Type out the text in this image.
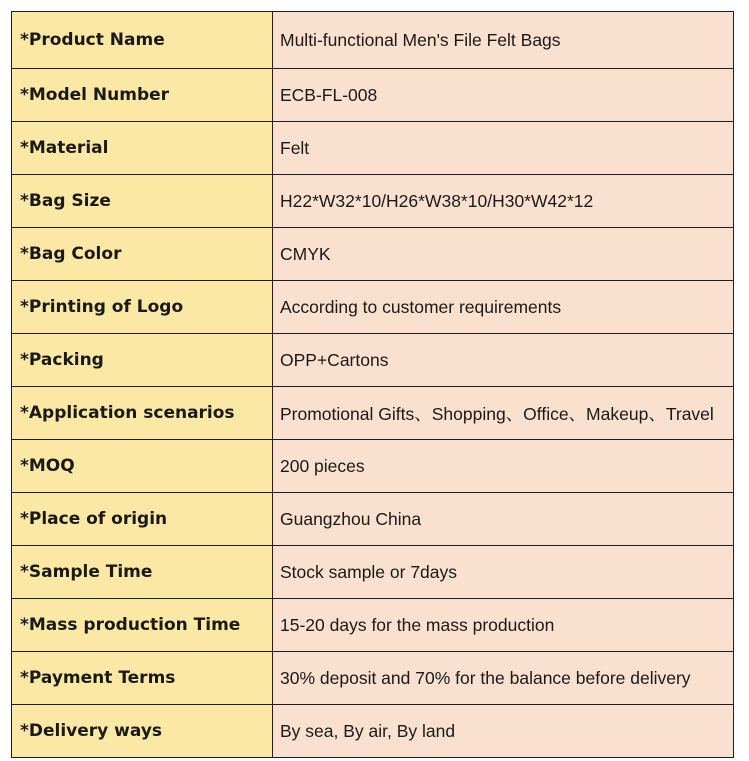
*Product Name	Multi-functional Men's File Felt Bags
*Model Number	ECB-FL-008
*Material	Felt
*Bag Size	H22*W32*10/H26*W38*10/H30*W42*12
*Bag Color	CMYK
*Printing of Logo	According to customer requirements
*Packing	OPP+Cartons
*Application scenarios	Promotional Gifts、Shopping、Office、Makeup、Travel
*MOQ	200 pieces
*Place of origin	Guangzhou China
*Sample Time	Stock sample or 7days
*Mass production Time	15-20 days for the mass production
*Payment Terms	30% deposit and 70% for the balance before delivery
*Delivery ways	By sea, By air, By land
